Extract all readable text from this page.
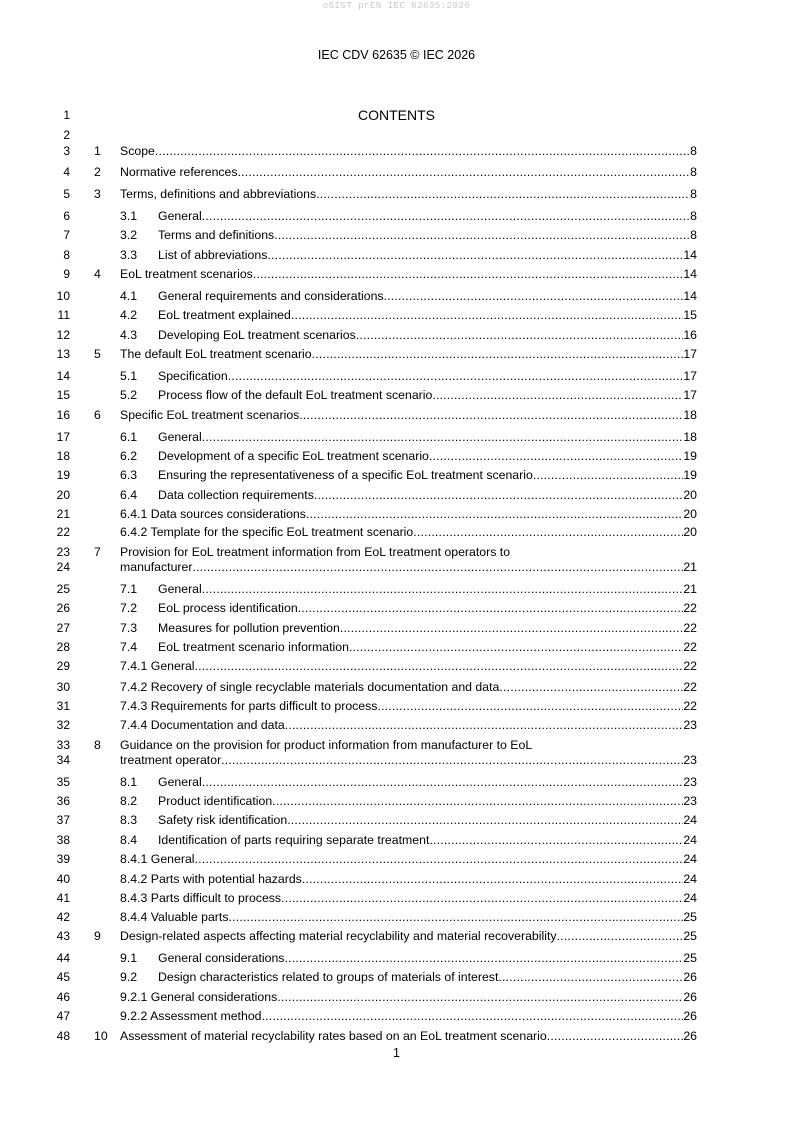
oSIST prEN IEC 62635:2026
IEC CDV 62635 © IEC 2026
1	CONTENTS
2
3 1 Scope .....	8
4 2 Normative references .....	8
5 3 Terms, definitions and abbreviations .....	8
6	3.1 General .....	8
7	3.2 Terms and definitions .....	8
8	3.3 List of abbreviations .....	14
9 4 EoL treatment scenarios .....	14
10	4.1 General requirements and considerations .....	14
11	4.2 EoL treatment explained .....	15
12	4.3 Developing EoL treatment scenarios .....	16
13 5 The default EoL treatment scenario .....	17
14	5.1 Specification .....	17
15	5.2 Process flow of the default EoL treatment scenario .....	17
16 6 Specific EoL treatment scenarios .....	18
17	6.1 General .....	18
18	6.2 Development of a specific EoL treatment scenario .....	19
19	6.3 Ensuring the representativeness of a specific EoL treatment scenario .....	19
20	6.4 Data collection requirements .....	20
21	6.4.1 Data sources considerations .....	20
22	6.4.2 Template for the specific EoL treatment scenario .....	20
23 7 Provision for EoL treatment information from EoL treatment operators to
24	manufacturer .....	21
25	7.1 General .....	21
26	7.2 EoL process identification .....	22
27	7.3 Measures for pollution prevention .....	22
28	7.4 EoL treatment scenario information .....	22
29	7.4.1 General .....	22
30	7.4.2 Recovery of single recyclable materials documentation and data .....	22
31	7.4.3 Requirements for parts difficult to process .....	22
32	7.4.4 Documentation and data .....	23
33 8 Guidance on the provision for product information from manufacturer to EoL
34	treatment operator .....	23
35	8.1 General .....	23
36	8.2 Product identification .....	23
37	8.3 Safety risk identification .....	24
38	8.4 Identification of parts requiring separate treatment .....	24
39	8.4.1 General .....	24
40	8.4.2 Parts with potential hazards .....	24
41	8.4.3 Parts difficult to process .....	24
42	8.4.4 Valuable parts .....	25
43 9 Design-related aspects affecting material recyclability and material recoverability .....	25
44	9.1 General considerations .....	25
45	9.2 Design characteristics related to groups of materials of interest .....	26
46	9.2.1 General considerations .....	26
47	9.2.2 Assessment method .....	26
48 10 Assessment of material recyclability rates based on an EoL treatment scenario .....	26
1
